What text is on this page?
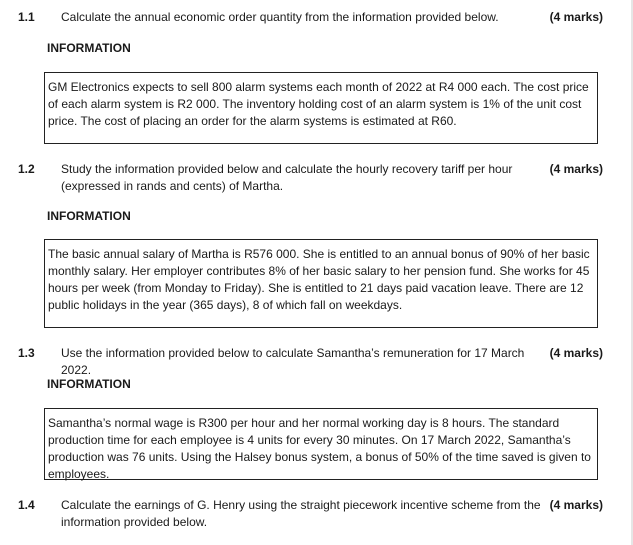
1.1 Calculate the annual economic order quantity from the information provided below.	(4 marks)
INFORMATION
GM Electronics expects to sell 800 alarm systems each month of 2022 at R4 000 each. The cost price of each alarm system is R2 000. The inventory holding cost of an alarm system is 1% of the unit cost price. The cost of placing an order for the alarm systems is estimated at R60.
1.2 Study the information provided below and calculate the hourly recovery tariff per hour (expressed in rands and cents) of Martha.
(4 marks)
INFORMATION
The basic annual salary of Martha is R576 000. She is entitled to an annual bonus of 90% of her basic monthly salary. Her employer contributes 8% of her basic salary to her pension fund. She works for 45 hours per week (from Monday to Friday). She is entitled to 21 days paid vacation leave. There are 12 public holidays in the year (365 days), 8 of which fall on weekdays.
1.3 Use the information provided below to calculate Samantha’s remuneration for 17 March 2022.
(4 marks)
INFORMATION
Samantha’s normal wage is R300 per hour and her normal working day is 8 hours. The standard production time for each employee is 4 units for every 30 minutes. On 17 March 2022, Samantha’s production was 76 units. Using the Halsey bonus system, a bonus of 50% of the time saved is given to employees.
1.4 Calculate the earnings of G. Henry using the straight piecework incentive scheme from the information provided below.
(4 marks)
